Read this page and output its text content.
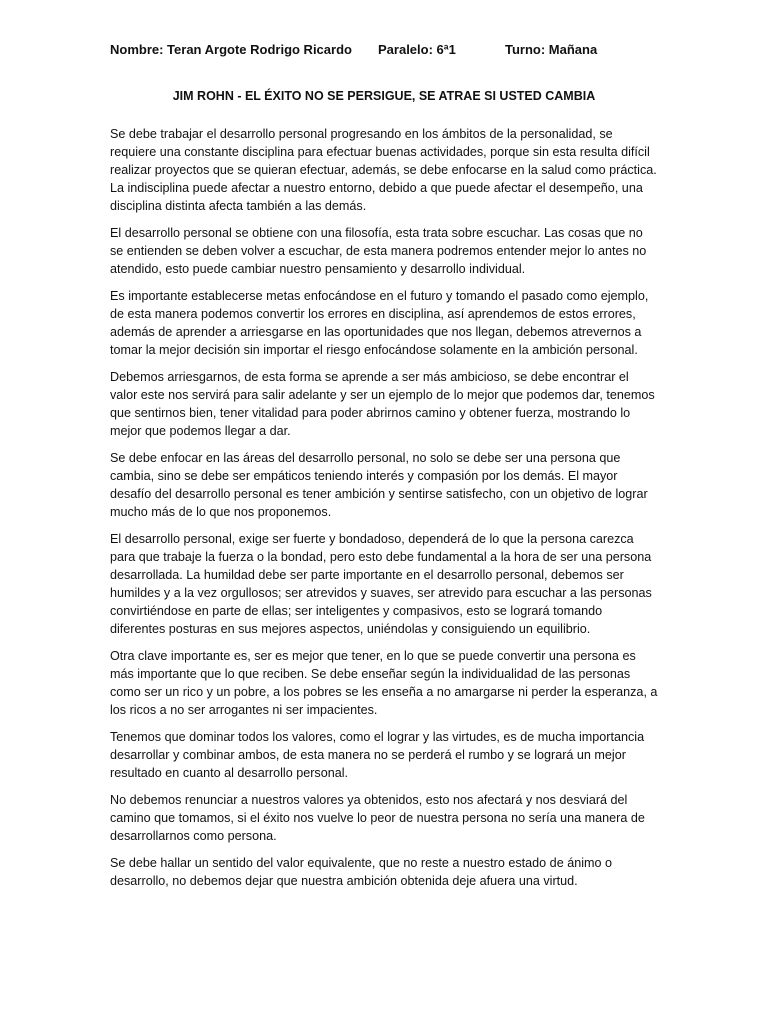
Nombre: Teran Argote Rodrigo Ricardo Paralelo: 6ª1	Turno: Mañana
JIM ROHN - EL ÉXITO NO SE PERSIGUE, SE ATRAE SI USTED CAMBIA

Se debe trabajar el desarrollo personal progresando en los ámbitos de la personalidad, se requiere una constante disciplina para efectuar buenas actividades, porque sin esta resulta difícil realizar proyectos que se quieran efectuar, además, se debe enfocarse en la salud como práctica. La indisciplina puede afectar a nuestro entorno, debido a que puede afectar el desempeño, una disciplina distinta afecta también a las demás.

El desarrollo personal se obtiene con una filosofía, esta trata sobre escuchar. Las cosas que no se entienden se deben volver a escuchar, de esta manera podremos entender mejor lo antes no atendido, esto puede cambiar nuestro pensamiento y desarrollo individual.

Es importante establecerse metas enfocándose en el futuro y tomando el pasado como ejemplo, de esta manera podemos convertir los errores en disciplina, así aprendemos de estos errores, además de aprender a arriesgarse en las oportunidades que nos llegan, debemos atrevernos a tomar la mejor decisión sin importar el riesgo enfocándose solamente en la ambición personal.

Debemos arriesgarnos, de esta forma se aprende a ser más ambicioso, se debe encontrar el valor este nos servirá para salir adelante y ser un ejemplo de lo mejor que podemos dar, tenemos que sentirnos bien, tener vitalidad para poder abrirnos camino y obtener fuerza, mostrando lo mejor que podemos llegar a dar.

Se debe enfocar en las áreas del desarrollo personal, no solo se debe ser una persona que cambia, sino se debe ser empáticos teniendo interés y compasión por los demás. El mayor desafío del desarrollo personal es tener ambición y sentirse satisfecho, con un objetivo de lograr mucho más de lo que nos proponemos.

El desarrollo personal, exige ser fuerte y bondadoso, dependerá de lo que la persona carezca para que trabaje la fuerza o la bondad, pero esto debe fundamental a la hora de ser una persona desarrollada. La humildad debe ser parte importante en el desarrollo personal, debemos ser humildes y a la vez orgullosos; ser atrevidos y suaves, ser atrevido para escuchar a las personas convirtiéndose en parte de ellas; ser inteligentes y compasivos, esto se logrará tomando diferentes posturas en sus mejores aspectos, uniéndolas y consiguiendo un equilibrio.

Otra clave importante es, ser es mejor que tener, en lo que se puede convertir una persona es más importante que lo que reciben. Se debe enseñar según la individualidad de las personas como ser un rico y un pobre, a los pobres se les enseña a no amargarse ni perder la esperanza, a los ricos a no ser arrogantes ni ser impacientes.

Tenemos que dominar todos los valores, como el lograr y las virtudes, es de mucha importancia desarrollar y combinar ambos, de esta manera no se perderá el rumbo y se logrará un mejor resultado en cuanto al desarrollo personal.

No debemos renunciar a nuestros valores ya obtenidos, esto nos afectará y nos desviará del camino que tomamos, si el éxito nos vuelve lo peor de nuestra persona no sería una manera de desarrollarnos como persona.

Se debe hallar un sentido del valor equivalente, que no reste a nuestro estado de ánimo o desarrollo, no debemos dejar que nuestra ambición obtenida deje afuera una virtud.
